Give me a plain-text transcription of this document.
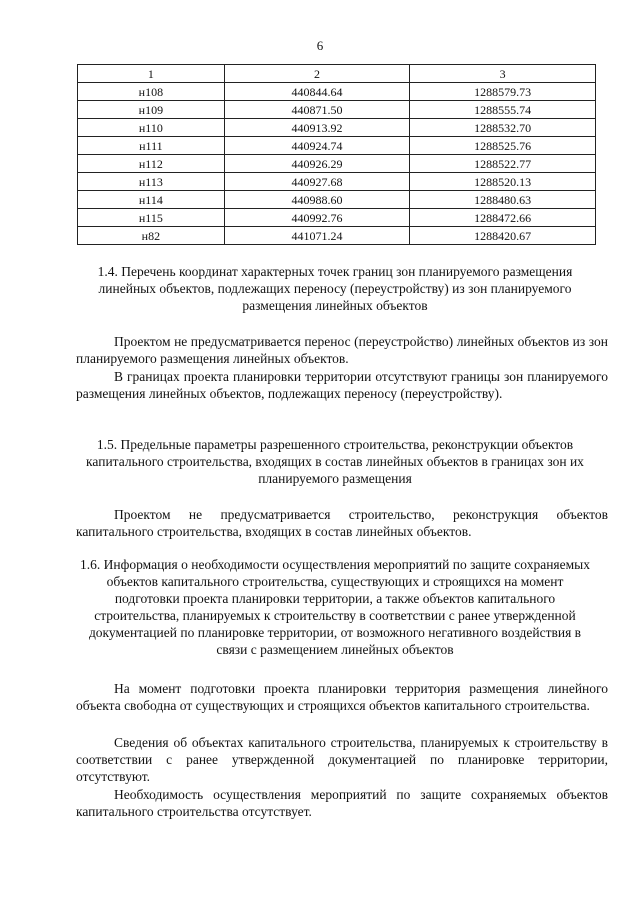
6
1	2	3
н108	440844.64	1288579.73
н109	440871.50	1288555.74
н110	440913.92	1288532.70
н111	440924.74	1288525.76
н112	440926.29	1288522.77
н113	440927.68	1288520.13
н114	440988.60	1288480.63
н115	440992.76	1288472.66
н82	441071.24	1288420.67
1.4. Перечень координат характерных точек границ зон планируемого размещения линейных объектов, подлежащих переносу (переустройству) из зон планируемого размещения линейных объектов

Проектом не предусматривается перенос (переустройство) линейных объектов из зон планируемого размещения линейных объектов.

В границах проекта планировки территории отсутствуют границы зон планируемого размещения линейных объектов, подлежащих переносу (переустройству).

1.5. Предельные параметры разрешенного строительства, реконструкции объектов капитального строительства, входящих в состав линейных объектов в границах зон их планируемого размещения

Проектом не предусматривается строительство, реконструкция объектов капитального строительства, входящих в состав линейных объектов.

1.6. Информация о необходимости осуществления мероприятий по защите сохраняемых объектов капитального строительства, существующих и строящихся на момент подготовки проекта планировки территории, а также объектов капитального строительства, планируемых к строительству в соответствии с ранее утвержденной документацией по планировке территории, от возможного негативного воздействия в связи с размещением линейных объектов

На момент подготовки проекта планировки территория размещения линейного объекта свободна от существующих и строящихся объектов капитального строительства.

Сведения об объектах капитального строительства, планируемых к строительству в соответствии с ранее утвержденной документацией по планировке территории, отсутствуют.

Необходимость осуществления мероприятий по защите сохраняемых объектов капитального строительства отсутствует.
